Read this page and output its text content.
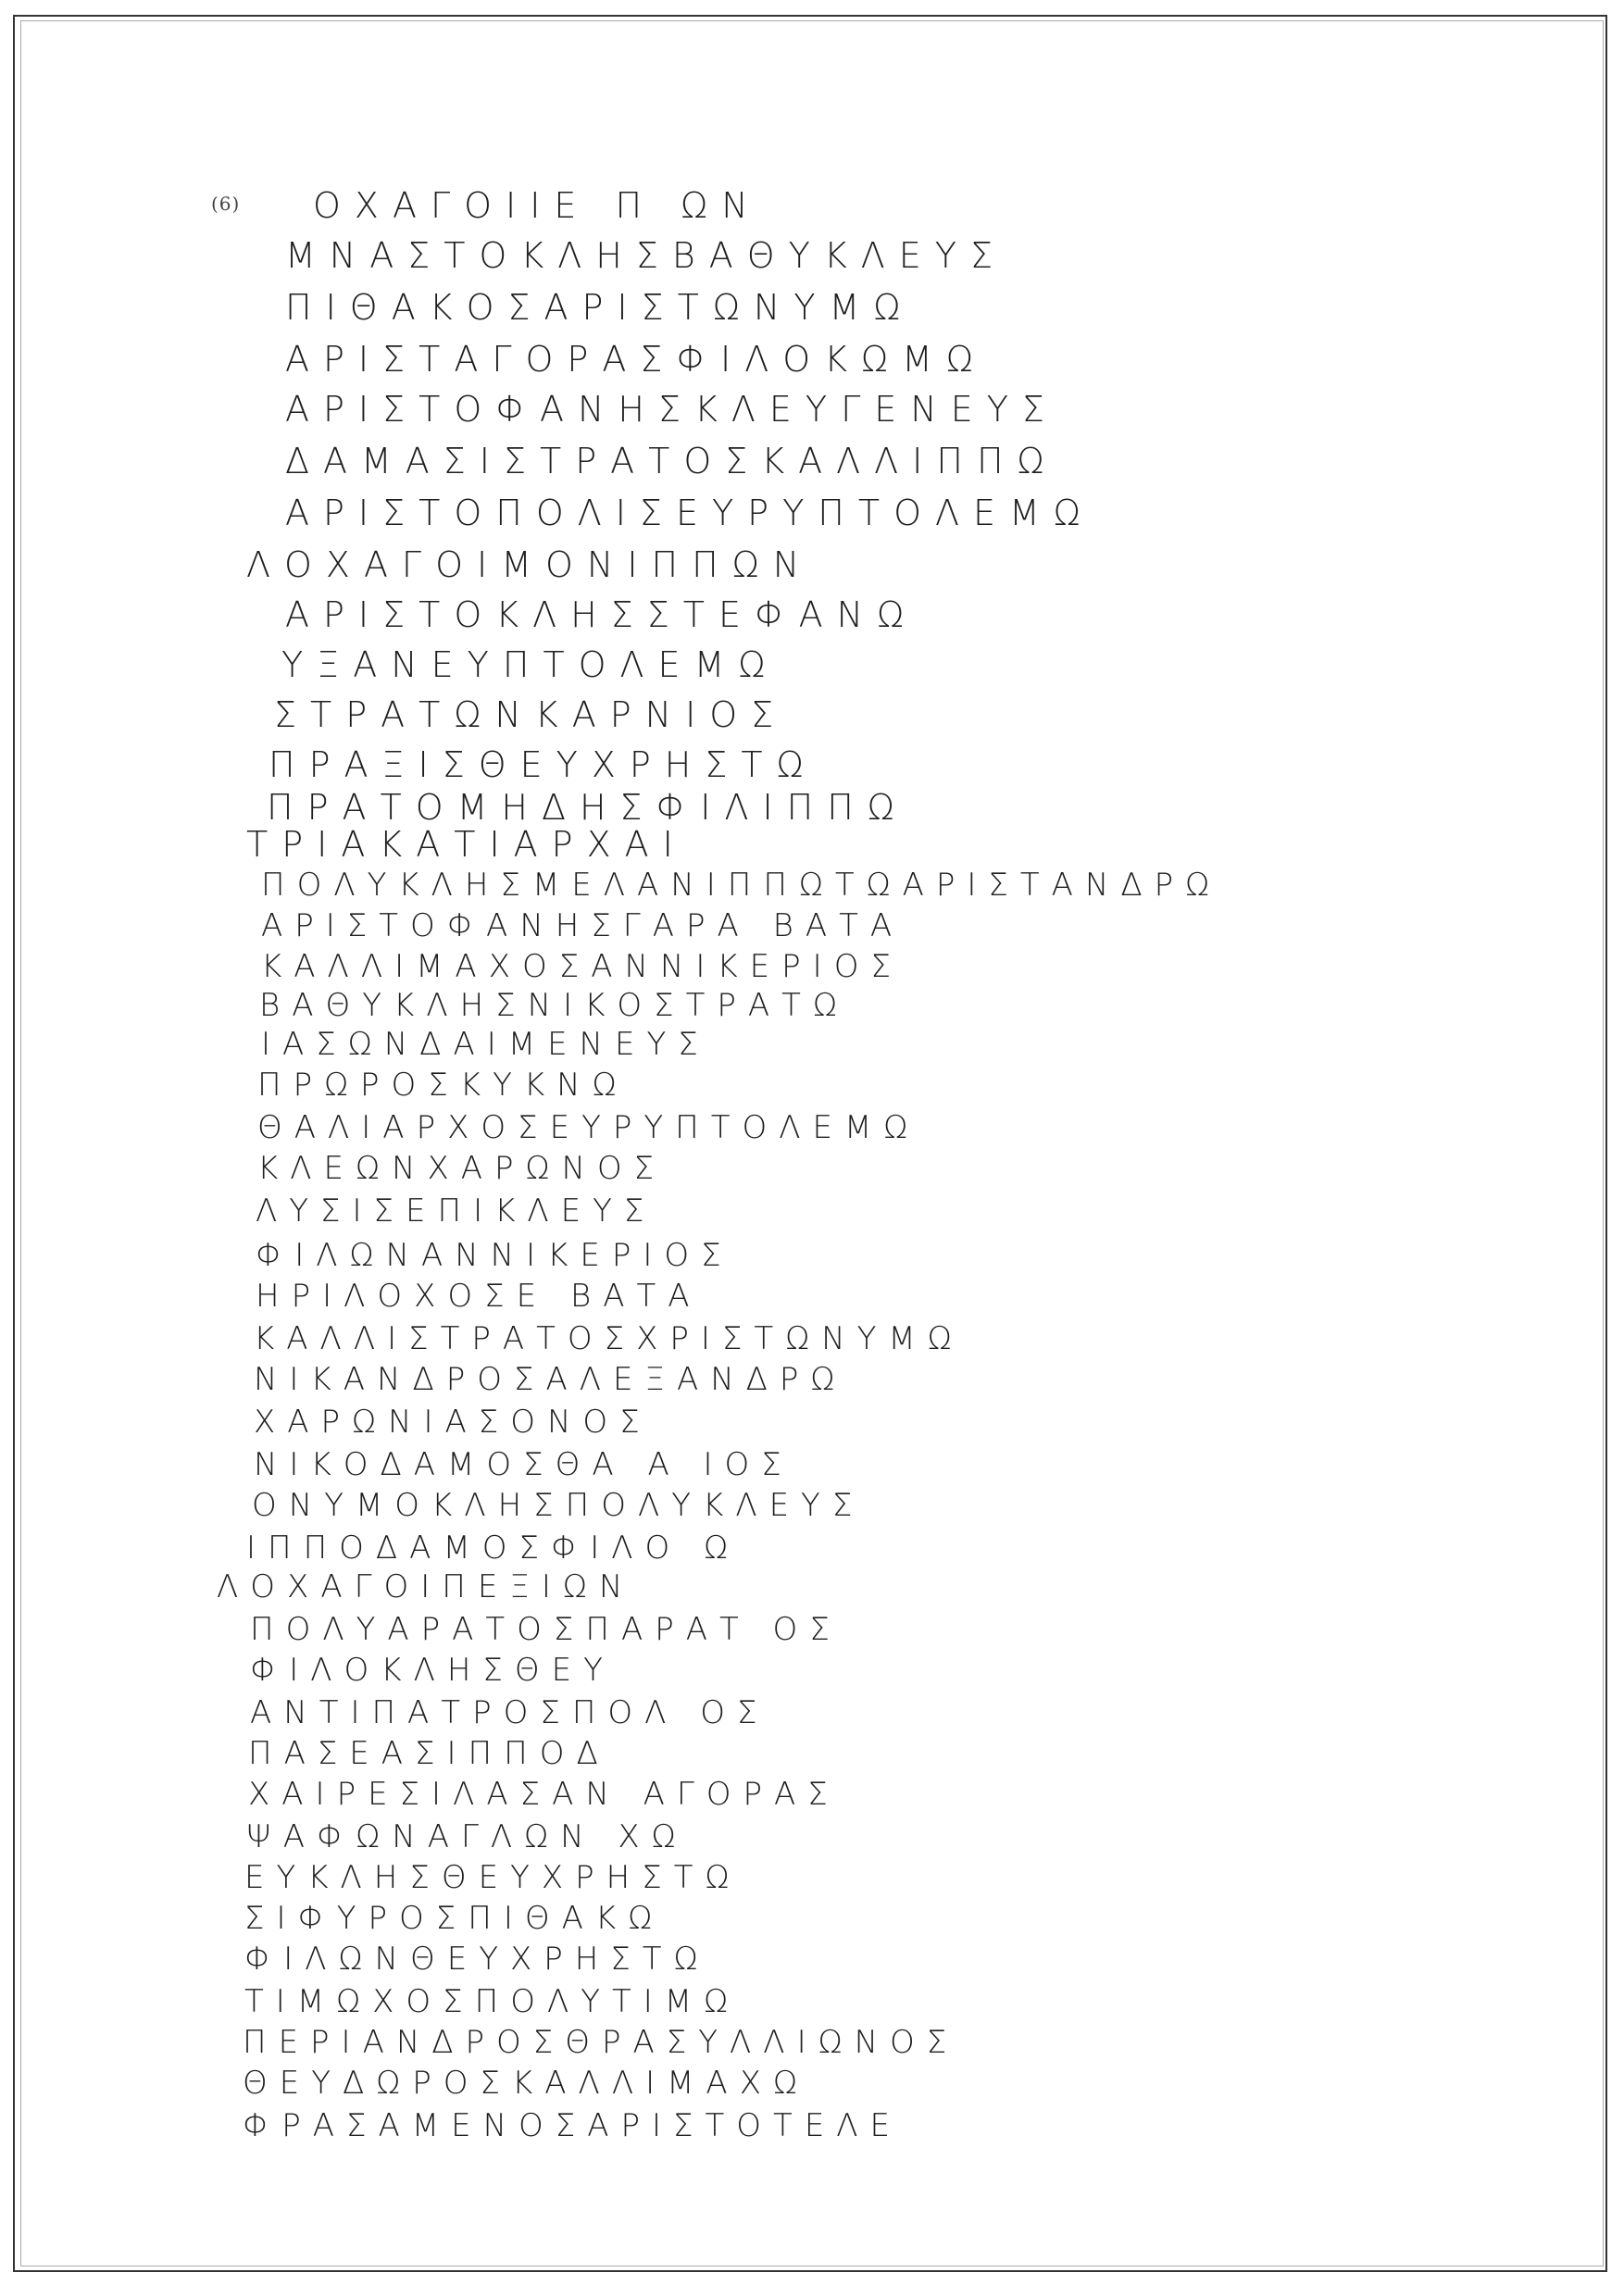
(6) ΟΧΑΓΟΙΙΕ Π ΩΝ
ΜΝΑΣΤΟΚΛΗΣΒΑΘΥΚΛΕΥΣ
ΠΙΘΑΚΟΣΑΡΙΣΤΩΝΥΜΩ
ΑΡΙΣΤΑΓΟΡΑΣΦΙΛΟΚΩΜΩ
ΑΡΙΣΤΟΦΑΝΗΣΚΛΕΥΓΕΝΕΥΣ
ΔΑΜΑΣΙΣΤΡΑΤΟΣΚΑΛΛΙΠΠΩ
ΑΡΙΣΤΟΠΟΛΙΣΕΥΡΥΠΤΟΛΕΜΩ
ΛΟΧΑΓΟΙΜΟΝΙΠΠΩΝ
ΑΡΙΣΤΟΚΛΗΣΣΤΕΦΑΝΩ
ΥΞΑΝΕΥΠΤΟΛΕΜΩ
ΣΤΡΑΤΩΝΚΑΡΝΙΟΣ
ΠΡΑΞΙΣΘΕΥΧΡΗΣΤΩ
ΠΡΑΤΟΜΗΔΗΣΦΙΛΙΠΠΩ
ΤΡΙΑΚΑΤΙΑΡΧΑΙ
ΠΟΛΥΚΛΗΣΜΕΛΑΝΙΠΠΩΤΩΑΡΙΣΤΑΝΔΡΩ
ΑΡΙΣΤΟΦΑΝΗΣΓΑΡΑ ΒΑΤΑ
ΚΑΛΛΙΜΑΧΟΣΑΝΝΙΚΕΡΙΟΣ
ΒΑΘΥΚΛΗΣΝΙΚΟΣΤΡΑΤΩ
ΙΑΣΩΝΔΑΙΜΕΝΕΥΣ
ΠΡΩΡΟΣΚΥΚΝΩ
ΘΑΛΙΑΡΧΟΣΕΥΡΥΠΤΟΛΕΜΩ
ΚΛΕΩΝΧΑΡΩΝΟΣ
ΛΥΣΙΣΕΠΙΚΛΕΥΣ
ΦΙΛΩΝΑΝΝΙΚΕΡΙΟΣ
ΗΡΙΛΟΧΟΣΕ ΒΑΤΑ
ΚΑΛΛΙΣΤΡΑΤΟΣΧΡΙΣΤΩΝΥΜΩ
ΝΙΚΑΝΔΡΟΣΑΛΕΞΑΝΔΡΩ
ΧΑΡΩΝΙΑΣΟΝΟΣ
ΝΙΚΟΔΑΜΟΣΘΑ Α ΙΟΣ
ΟΝΥΜΟΚΛΗΣΠΟΛΥΚΛΕΥΣ
ΙΠΠΟΔΑΜΟΣΦΙΛΟ Ω
ΛΟΧΑΓΟΙΠΕΞΙΩΝ
ΠΟΛΥΑΡΑΤΟΣΠΑΡΑΤ ΟΣ
ΦΙΛΟΚΛΗΣΘΕΥ
ΑΝΤΙΠΑΤΡΟΣΠΟΛ ΟΣ
ΠΑΣΕΑΣΙΠΠΟΔ
ΧΑΙΡΕΣΙΛΑΣΑΝ ΑΓΟΡΑΣ
ΨΑΦΩΝΑΓΛΩΝ ΧΩ
ΕΥΚΛΗΣΘΕΥΧΡΗΣΤΩ
ΣΙΦΥΡΟΣΠΙΘΑΚΩ
ΦΙΛΩΝΘΕΥΧΡΗΣΤΩ
ΤΙΜΩΧΟΣΠΟΛΥΤΙΜΩ
ΠΕΡΙΑΝΔΡΟΣΘΡΑΣΥΛΛΙΩΝΟΣ
ΘΕΥΔΩΡΟΣΚΑΛΛΙΜΑΧΩ
ΦΡΑΣΑΜΕΝΟΣΑΡΙΣΤΟΤΕΛΕ
